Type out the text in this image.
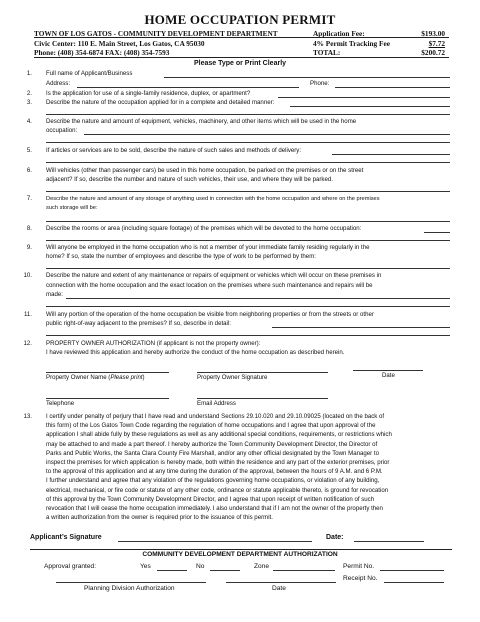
HOME OCCUPATION PERMIT
TOWN OF LOS GATOS - COMMUNITY DEVELOPMENT DEPARTMENT
Civic Center: 110 E. Main Street, Los Gatos, CA 95030
Phone: (408) 354-6874 FAX: (408) 354-7593
Application Fee:	$193.00
4% Permit Tracking Fee	$7.72
TOTAL:	$200.72
Please Type or Print Clearly
1. Full name of Applicant/Business
Address:	Phone:
2. Is the application for use of a single-family residence, duplex, or apartment?
3. Describe the nature of the occupation applied for in a complete and detailed manner:
4. Describe the nature and amount of equipment, vehicles, machinery, and other items which will be used in the home
occupation:
5. If articles or services are to be sold, describe the nature of such sales and methods of delivery:
6. Will vehicles (other than passenger cars) be used in this home occupation, be parked on the premises or on the street
adjacent? If so, describe the number and nature of such vehicles, their use, and where they will be parked.
7. Describe the nature and amount of any storage of anything used in connection with the home occupation and where on the premises
such storage will be:
8. Describe the rooms or area (including square footage) of the premises which will be devoted to the home occupation:
9. Will anyone be employed in the home occupation who is not a member of your immediate family residing regularly in the
home? If so, state the number of employees and describe the type of work to be performed by them:
10. Describe the nature and extent of any maintenance or repairs of equipment or vehicles which will occur on these premises in
connection with the home occupation and the exact location on the premises where such maintenance and repairs will be
made:
11. Will any portion of the operation of the home occupation be visible from neighboring properties or from the streets or other
public right-of-way adjacent to the premises? If so, describe in detail:
12. PROPERTY OWNER AUTHORIZATION (if applicant is not the property owner):
I have reviewed this application and hereby authorize the conduct of the home occupation as described herein.
Property Owner Name (Please print)	Property Owner Signature	Date
Telephone	Email Address
13. I certify under penalty of perjury that I have read and understand Sections 29.10.020 and 29.10.09025 (located on the back of
this form) of the Los Gatos Town Code regarding the regulation of home occupations and I agree that upon approval of the
application I shall abide fully by these regulations as well as any additional special conditions, requirements, or restrictions which
may be attached to and made a part thereof. I hereby authorize the Town Community Development Director, the Director of
Parks and Public Works, the Santa Clara County Fire Marshall, and/or any other official designated by the Town Manager to
inspect the premises for which application is hereby made, both within the residence and any part of the exterior premises, prior
to the approval of this application and at any time during the duration of the approval, between the hours of 9 A.M. and 6 P.M.
I further understand and agree that any violation of the regulations governing home occupations, or violation of any building,
electrical, mechanical, or fire code or statute of any other code, ordinance or statute applicable thereto, is ground for revocation
of this approval by the Town Community Development Director, and I agree that upon receipt of written notification of such
revocation that I will cease the home occupation immediately. I also understand that if I am not the owner of the property then
a written authorization from the owner is required prior to the issuance of this permit.
Applicant’s Signature	Date:
COMMUNITY DEVELOPMENT DEPARTMENT AUTHORIZATION
Approval granted:	Yes	No	Zone	Permit No.
Receipt No.
Planning Division Authorization	Date
